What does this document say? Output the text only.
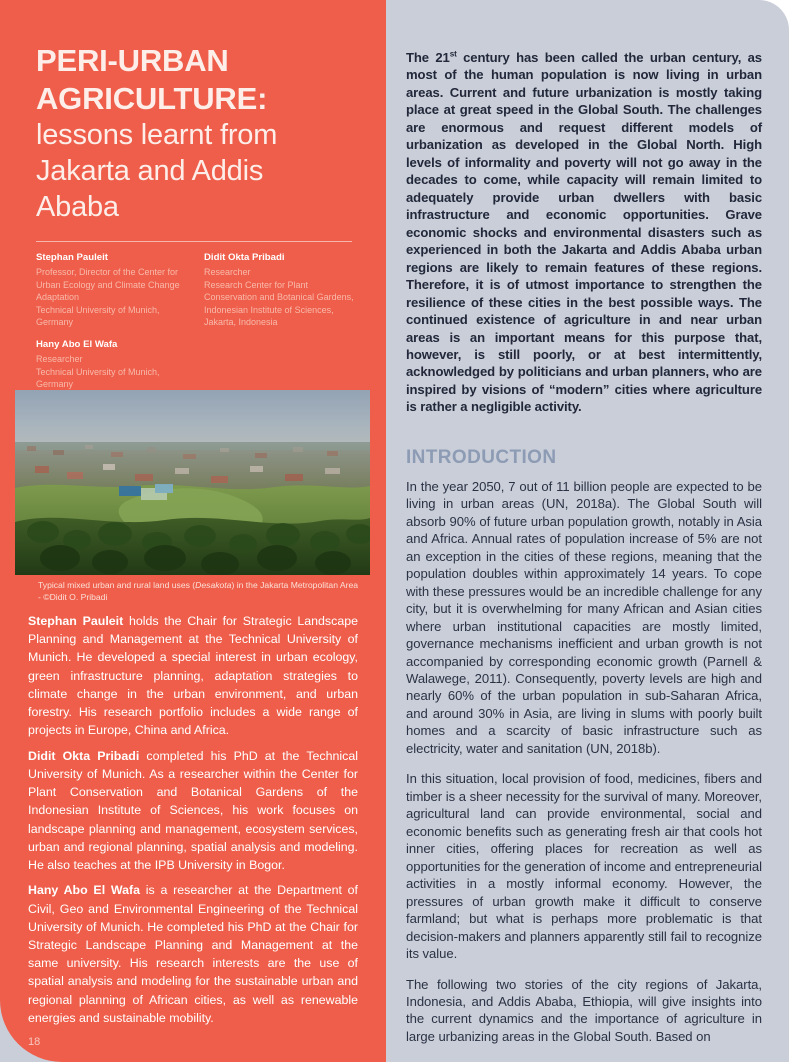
PERI-URBAN
AGRICULTURE:
lessons learnt from
Jakarta and Addis
Ababa
Stephan Pauleit
Professor, Director of the Center for Urban Ecology and Climate Change Adaptation
Technical University of Munich, Germany
Hany Abo El Wafa
Researcher
Technical University of Munich, Germany
Didit Okta Pribadi
Researcher
Research Center for Plant Conservation and Botanical Gardens, Indonesian Institute of Sciences, Jakarta, Indonesia
Typical mixed urban and rural land uses (Desakota) in the Jakarta Metropolitan Area - ©Didit O. Pribadi

Stephan Pauleit holds the Chair for Strategic Landscape Planning and Management at the Technical University of Munich. He developed a special interest in urban ecology, green infrastructure planning, adaptation strategies to climate change in the urban environment, and urban forestry. His research portfolio includes a wide range of projects in Europe, China and Africa.

Didit Okta Pribadi completed his PhD at the Technical University of Munich. As a researcher within the Center for Plant Conservation and Botanical Gardens of the Indonesian Institute of Sciences, his work focuses on landscape planning and management, ecosystem services, urban and regional planning, spatial analysis and modeling. He also teaches at the IPB University in Bogor.

Hany Abo El Wafa is a researcher at the Department of Civil, Geo and Environmental Engineering of the Technical University of Munich. He completed his PhD at the Chair for Strategic Landscape Planning and Management at the same university. His research interests are the use of spatial analysis and modeling for the sustainable urban and regional planning of African cities, as well as renewable energies and sustainable mobility.

18

The 21st century has been called the urban century, as most of the human population is now living in urban areas. Current and future urbanization is mostly taking place at great speed in the Global South. The challenges are enormous and request different models of urbanization as developed in the Global North. High levels of informality and poverty will not go away in the decades to come, while capacity will remain limited to adequately provide urban dwellers with basic infrastructure and economic opportunities. Grave economic shocks and environmental disasters such as experienced in both the Jakarta and Addis Ababa urban regions are likely to remain features of these regions. Therefore, it is of utmost importance to strengthen the resilience of these cities in the best possible ways. The continued existence of agriculture in and near urban areas is an important means for this purpose that, however, is still poorly, or at best intermittently, acknowledged by politicians and urban planners, who are inspired by visions of “modern” cities where agriculture is rather a negligible activity.

INTRODUCTION

In the year 2050, 7 out of 11 billion people are expected to be living in urban areas (UN, 2018a). The Global South will absorb 90% of future urban population growth, notably in Asia and Africa. Annual rates of population increase of 5% are not an exception in the cities of these regions, meaning that the population doubles within approximately 14 years. To cope with these pressures would be an incredible challenge for any city, but it is overwhelming for many African and Asian cities where urban institutional capacities are mostly limited, governance mechanisms inefficient and urban growth is not accompanied by corresponding economic growth (Parnell & Walawege, 2011). Consequently, poverty levels are high and nearly 60% of the urban population in sub-Saharan Africa, and around 30% in Asia, are living in slums with poorly built homes and a scarcity of basic infrastructure such as electricity, water and sanitation (UN, 2018b).

In this situation, local provision of food, medicines, fibers and timber is a sheer necessity for the survival of many. Moreover, agricultural land can provide environmental, social and economic benefits such as generating fresh air that cools hot inner cities, offering places for recreation as well as opportunities for the generation of income and entrepreneurial activities in a mostly informal economy. However, the pressures of urban growth make it difficult to conserve farmland; but what is perhaps more problematic is that decision-makers and planners apparently still fail to recognize its value.

The following two stories of the city regions of Jakarta, Indonesia, and Addis Ababa, Ethiopia, will give insights into the current dynamics and the importance of agriculture in large urbanizing areas in the Global South. Based on
